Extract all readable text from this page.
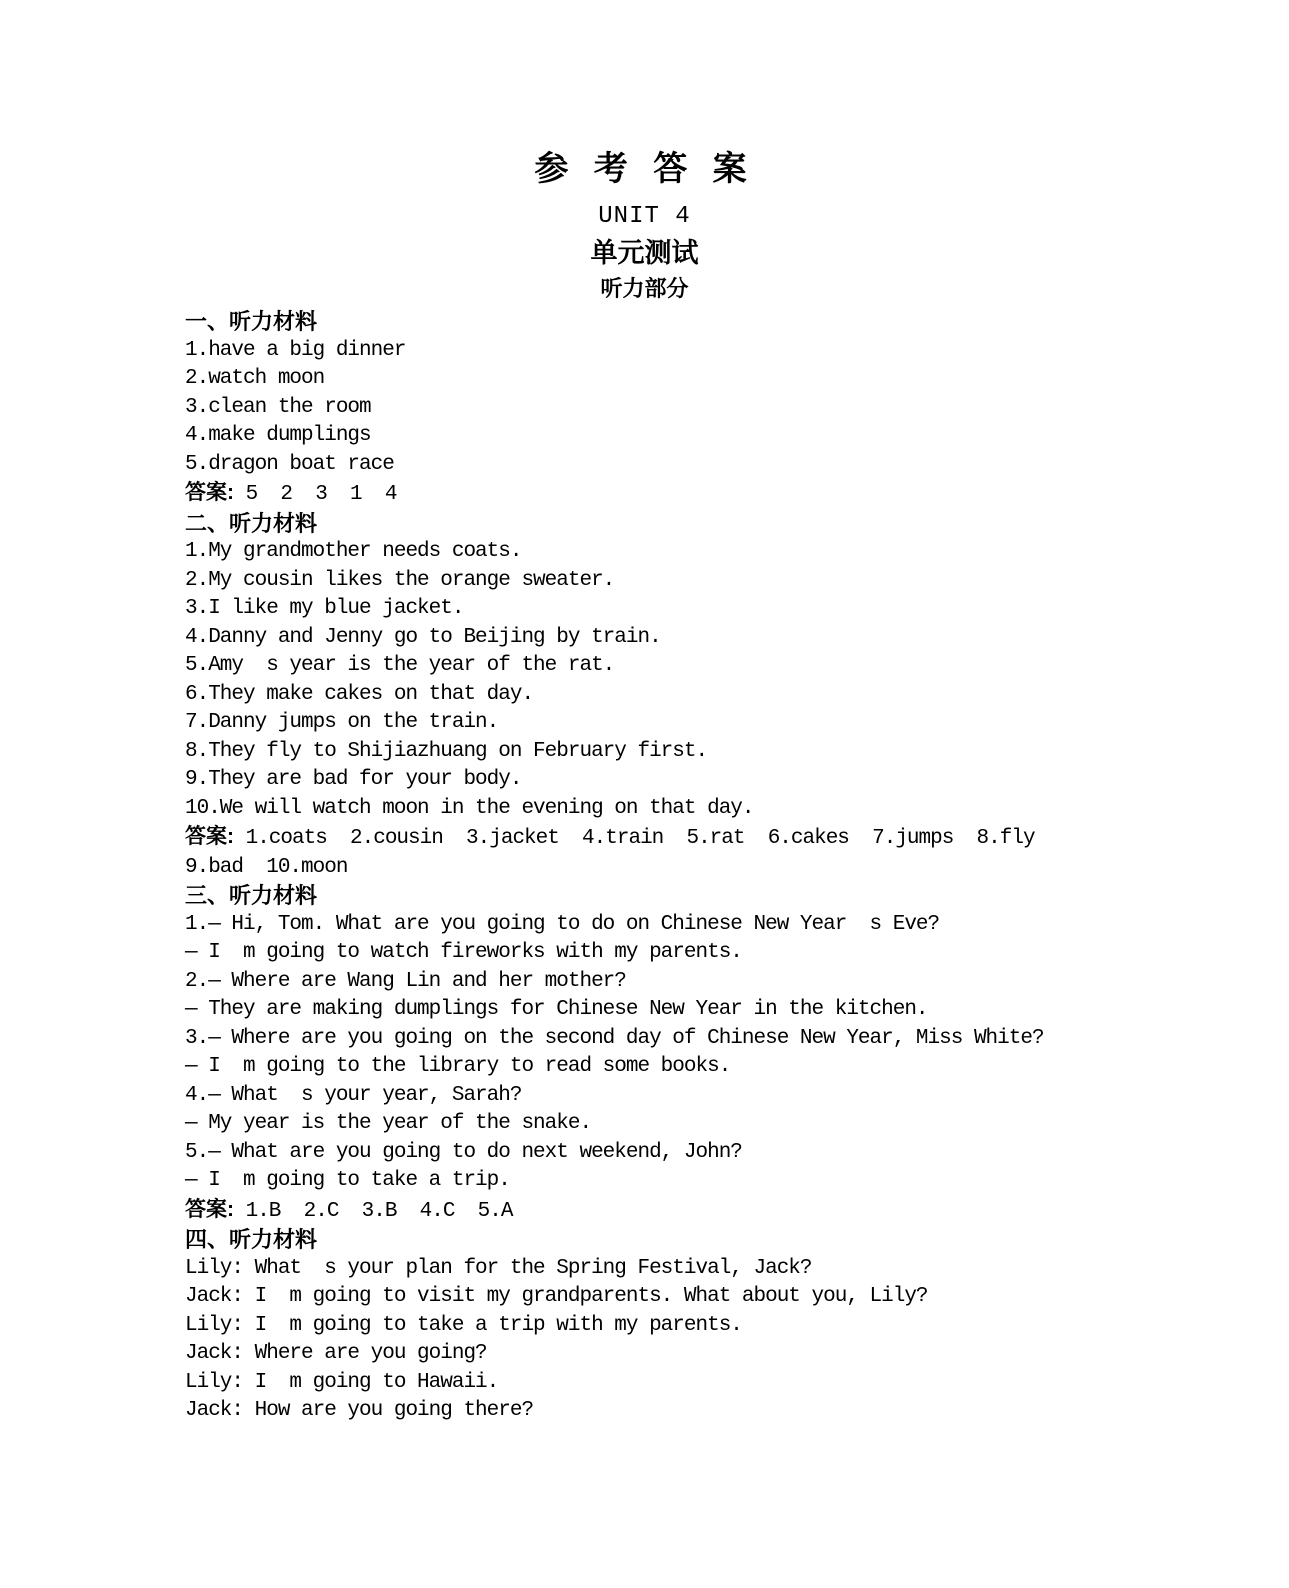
参 考 答 案
UNIT 4
单元测试
听力部分
一、听力材料
1.have a big dinner
2.watch moon
3.clean the room
4.make dumplings
5.dragon boat race
答案: 5  2  3  1  4
二、听力材料
1.My grandmother needs coats.
2.My cousin likes the orange sweater.
3.I like my blue jacket.
4.Danny and Jenny go to Beijing by train.
5.Amy  s year is the year of the rat.
6.They make cakes on that day.
7.Danny jumps on the train.
8.They fly to Shijiazhuang on February first.
9.They are bad for your body.
10.We will watch moon in the evening on that day.
答案: 1.coats  2.cousin  3.jacket  4.train  5.rat  6.cakes  7.jumps  8.fly
9.bad  10.moon
三、听力材料
1.— Hi, Tom. What are you going to do on Chinese New Year  s Eve?
— I  m going to watch fireworks with my parents.
2.— Where are Wang Lin and her mother?
— They are making dumplings for Chinese New Year in the kitchen.
3.— Where are you going on the second day of Chinese New Year, Miss White?
— I  m going to the library to read some books.
4.— What  s your year, Sarah?
— My year is the year of the snake.
5.— What are you going to do next weekend, John?
— I  m going to take a trip.
答案: 1.B  2.C  3.B  4.C  5.A
四、听力材料
Lily: What  s your plan for the Spring Festival, Jack?
Jack: I  m going to visit my grandparents. What about you, Lily?
Lily: I  m going to take a trip with my parents.
Jack: Where are you going?
Lily: I  m going to Hawaii.
Jack: How are you going there?
